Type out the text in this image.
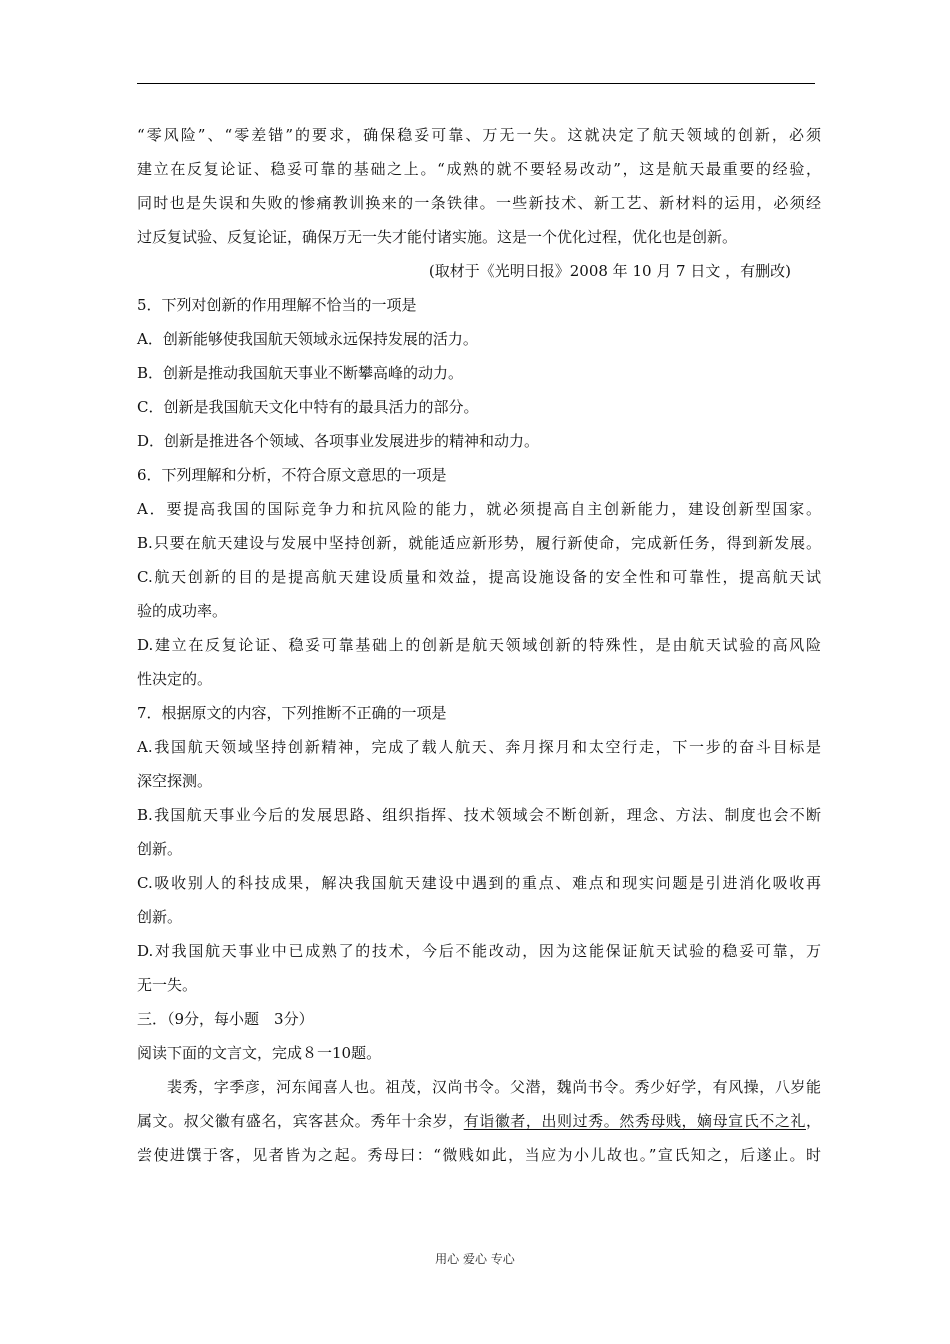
“零风险”、“零差错”的要求，确保稳妥可靠、万无一失。这就决定了航天领域的创新，必须
建立在反复论证、稳妥可靠的基础之上。“成熟的就不要轻易改动”，这是航天最重要的经验，
同时也是失误和失败的惨痛教训换来的一条铁律。一些新技术、新工艺、新材料的运用，必须经
过反复试验、反复论证，确保万无一失才能付诸实施。这是一个优化过程，优化也是创新。
(取材于《光明日报》2008 年 10 月 7 日文 ，有删改)
5．下列对创新的作用理解不恰当的一项是
A．创新能够使我国航天领域永远保持发展的活力。
B．创新是推动我国航天事业不断攀高峰的动力。
C．创新是我国航天文化中特有的最具活力的部分。
D．创新是推进各个领域、各项事业发展进步的精神和动力。
6．下列理解和分析，不符合原文意思的一项是
A．要提高我国的国际竞争力和抗风险的能力，就必须提高自主创新能力，建设创新型国家。
B.只要在航天建设与发展中坚持创新，就能适应新形势，履行新使命，完成新任务，得到新发展。
C.航天创新的目的是提高航天建设质量和效益，提高设施设备的安全性和可靠性，提高航天试
验的成功率。
D.建立在反复论证、稳妥可靠基础上的创新是航天领域创新的特殊性，是由航天试验的高风险
性决定的。
7．根据原文的内容，下列推断不正确的一项是
A.我国航天领域坚持创新精神，完成了载人航天、奔月探月和太空行走，下一步的奋斗目标是
深空探测。
B.我国航天事业今后的发展思路、组织指挥、技术领域会不断创新，理念、方法、制度也会不断
创新。
C.吸收别人的科技成果，解决我国航天建设中遇到的重点、难点和现实问题是引进消化吸收再
创新。
D.对我国航天事业中已成熟了的技术，今后不能改动，因为这能保证航天试验的稳妥可靠，万
无一失。
三．（9分，每小题　3分）
阅读下面的文言文，完成８一10题。
裴秀，字季彦，河东闻喜人也。祖茂，汉尚书令。父潜，魏尚书令。秀少好学，有风操，八岁能
属文。叔父徽有盛名，宾客甚众。秀年十余岁，有诣徽者，出则过秀。然秀母贱，嫡母宣氏不之礼，
尝使进馔于客，见者皆为之起。秀母曰：“微贱如此，当应为小儿故也。”宣氏知之，后遂止。时
用心 爱心 专心
